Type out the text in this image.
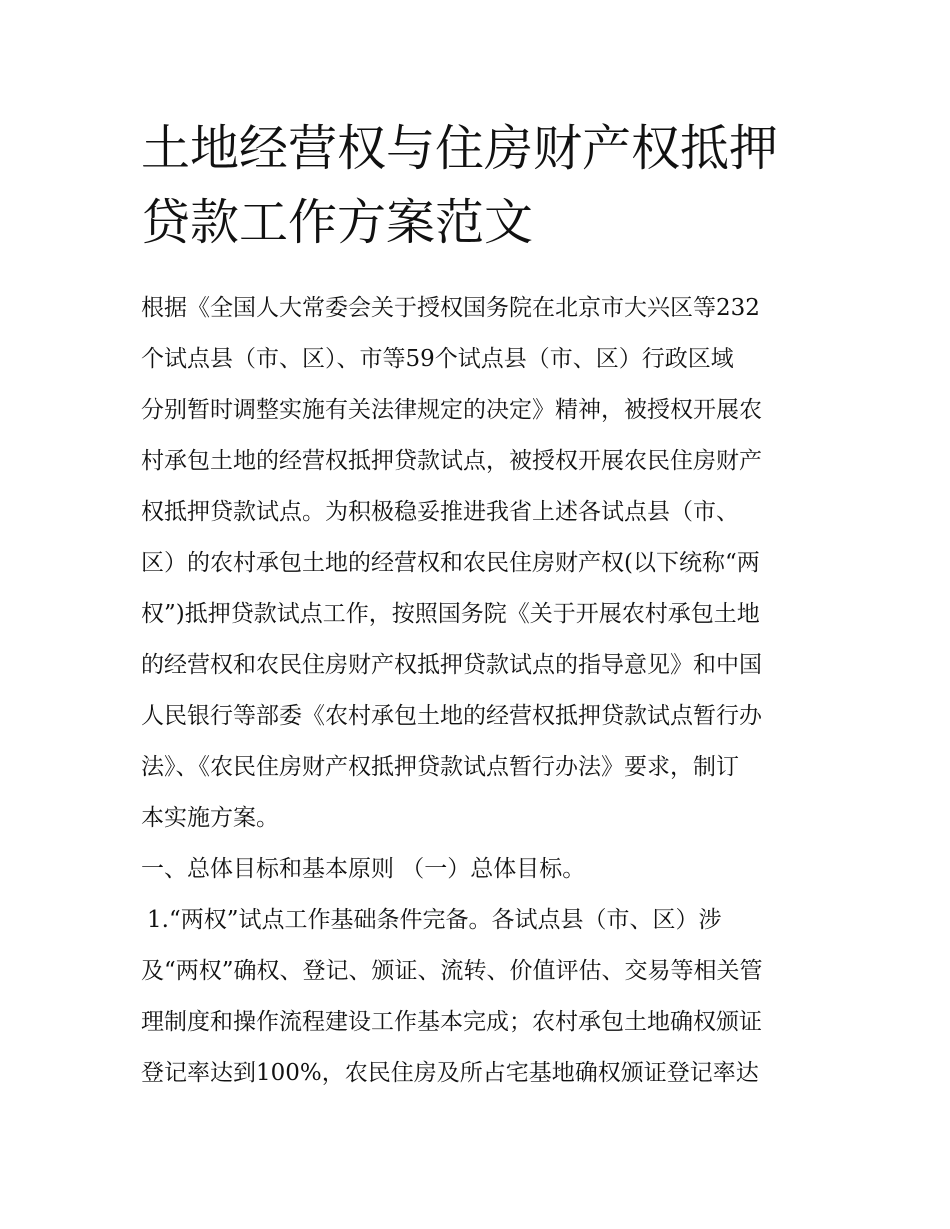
土地经营权与住房财产权抵押
贷款工作方案范文
根据《全国人大常委会关于授权国务院在北京市大兴区等232
个试点县（市、区）、市等59个试点县（市、区）行政区域
分别暂时调整实施有关法律规定的决定》精神，被授权开展农
村承包土地的经营权抵押贷款试点，被授权开展农民住房财产
权抵押贷款试点。为积极稳妥推进我省上述各试点县（市、
区）的农村承包土地的经营权和农民住房财产权(以下统称“两
权”)抵押贷款试点工作，按照国务院《关于开展农村承包土地
的经营权和农民住房财产权抵押贷款试点的指导意见》和中国
人民银行等部委《农村承包土地的经营权抵押贷款试点暂行办
法》、《农民住房财产权抵押贷款试点暂行办法》要求，制订
本实施方案。
一、总体目标和基本原则 （一）总体目标。
1.“两权”试点工作基础条件完备。各试点县（市、区）涉
及“两权”确权、登记、颁证、流转、价值评估、交易等相关管
理制度和操作流程建设工作基本完成；农村承包土地确权颁证
登记率达到100%，农民住房及所占宅基地确权颁证登记率达
